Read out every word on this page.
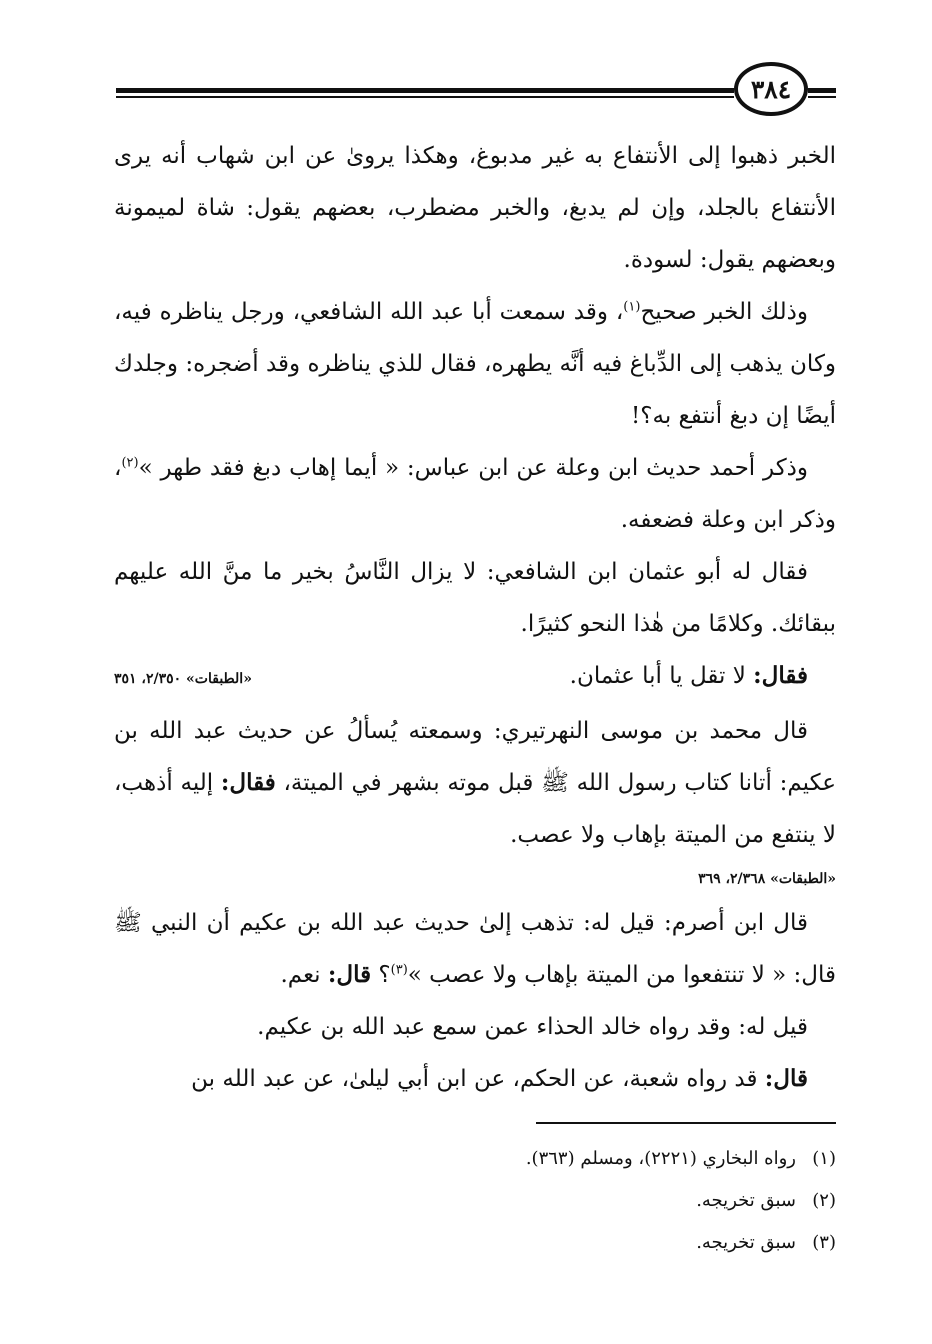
٣٨٤

الخبر ذهبوا إلى الأنتفاع به غير مدبوغ، وهكذا يروىٰ عن ابن شهاب أنه يرى الأنتفاع بالجلد، وإن لم يدبغ، والخبر مضطرب، بعضهم يقول: شاة لميمونة وبعضهم يقول: لسودة.

وذلك الخبر صحيح$^{(١)}$، وقد سمعت أبا عبد الله الشافعي، ورجل يناظره فيه، وكان يذهب إلى الدِّباغ فيه أنَّه يطهره، فقال للذي يناظره وقد أضجره: وجلدك أيضًا إن دبغ أنتفع به؟!

وذكر أحمد حديث ابن وعلة عن ابن عباس: « أيما إهاب دبغ فقد طهر »$^{(٢)}$، وذكر ابن وعلة فضعفه.

فقال له أبو عثمان ابن الشافعي: لا يزال النَّاسُ بخير ما منَّ الله عليهم ببقائك. وكلامًا من هٰذا النحو كثيرًا.

فقال: لا تقل يا أبا عثمان.
«الطبقات» ٢/٣٥٠، ٣٥١

قال محمد بن موسى النهرتيري: وسمعته يُسألُ عن حديث عبد الله بن عكيم: أتانا كتاب رسول الله ﷺ قبل موته بشهر في الميتة، فقال: إليه أذهب، لا ينتفع من الميتة بإهاب ولا عصب.

«الطبقات» ٢/٣٦٨، ٣٦٩

قال ابن أصرم: قيل له: تذهب إلىٰ حديث عبد الله بن عكيم أن النبي ﷺ قال: « لا تنتفعوا من الميتة بإهاب ولا عصب »$^{(٣)}$؟ قال: نعم.

قيل له: وقد رواه خالد الحذاء عمن سمع عبد الله بن عكيم.

قال: قد رواه شعبة، عن الحكم، عن ابن أبي ليلىٰ، عن عبد الله بن

(١)رواه البخاري (٢٢٢١)، ومسلم (٣٦٣).

(٢)سبق تخريجه.

(٣)سبق تخريجه.
